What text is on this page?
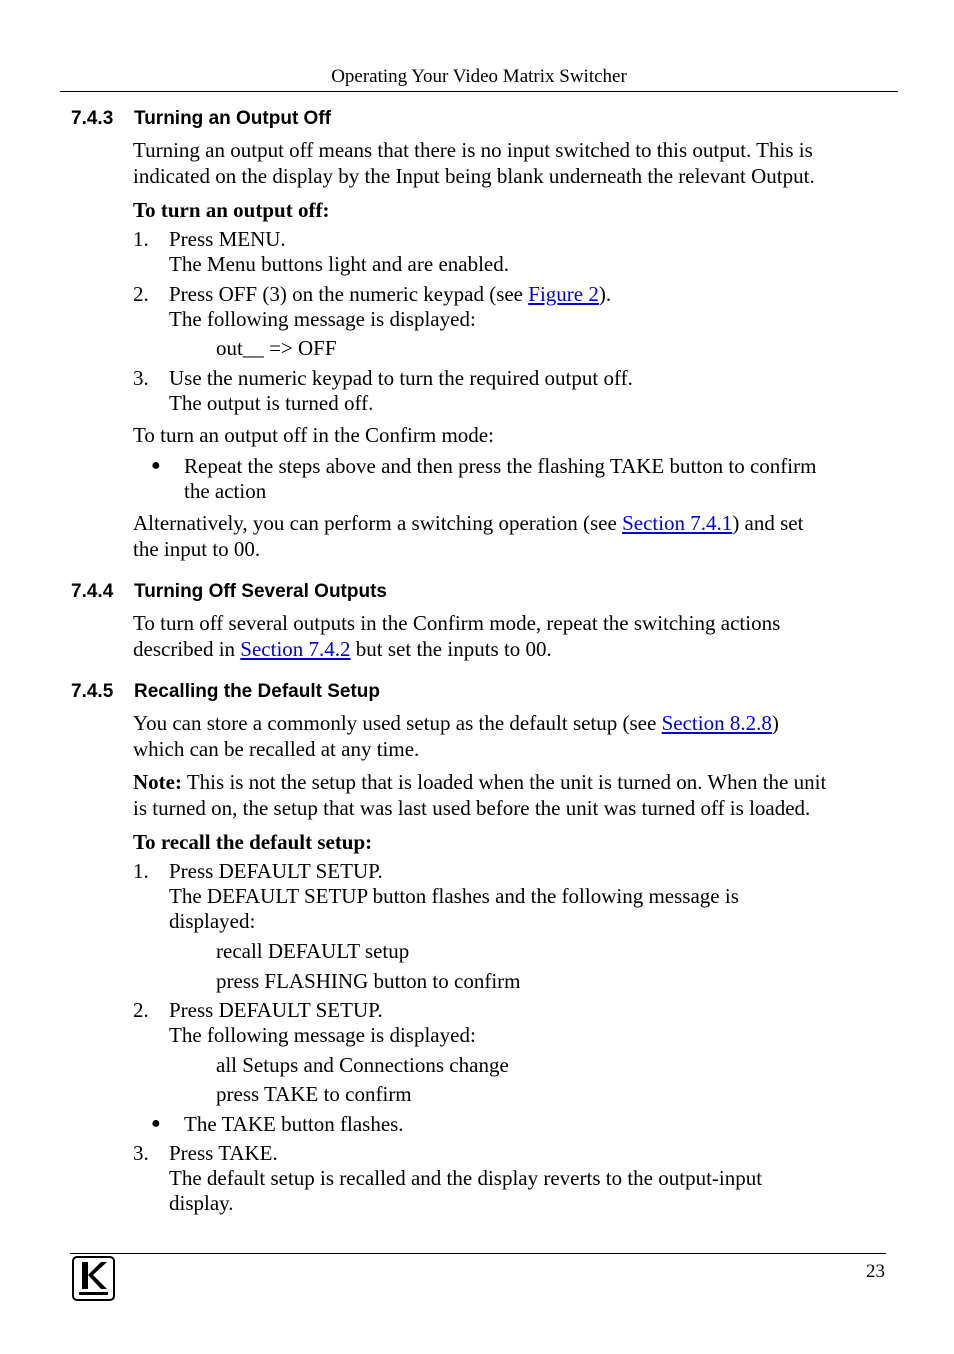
Operating Your Video Matrix Switcher
7.4.3 Turning an Output Off
Turning an output off means that there is no input switched to this output. This is
indicated on the display by the Input being blank underneath the relevant Output.
To turn an output off:
1. Press MENU.
The Menu buttons light and are enabled.
2. Press OFF (3) on the numeric keypad (see Figure 2).
The following message is displayed:
out__ => OFF
3. Use the numeric keypad to turn the required output off.
The output is turned off.
To turn an output off in the Confirm mode:
● Repeat the steps above and then press the flashing TAKE button to confirm
the action
Alternatively, you can perform a switching operation (see Section 7.4.1) and set
the input to 00.
7.4.4 Turning Off Several Outputs
To turn off several outputs in the Confirm mode, repeat the switching actions
described in Section 7.4.2 but set the inputs to 00.
7.4.5 Recalling the Default Setup
You can store a commonly used setup as the default setup (see Section 8.2.8)
which can be recalled at any time.
Note: This is not the setup that is loaded when the unit is turned on. When the unit
is turned on, the setup that was last used before the unit was turned off is loaded.
To recall the default setup:
1. Press DEFAULT SETUP.
The DEFAULT SETUP button flashes and the following message is
displayed:
recall DEFAULT setup
press FLASHING button to confirm
2. Press DEFAULT SETUP.
The following message is displayed:
all Setups and Connections change
press TAKE to confirm
● The TAKE button flashes.
3. Press TAKE.
The default setup is recalled and the display reverts to the output-input
display.
23
